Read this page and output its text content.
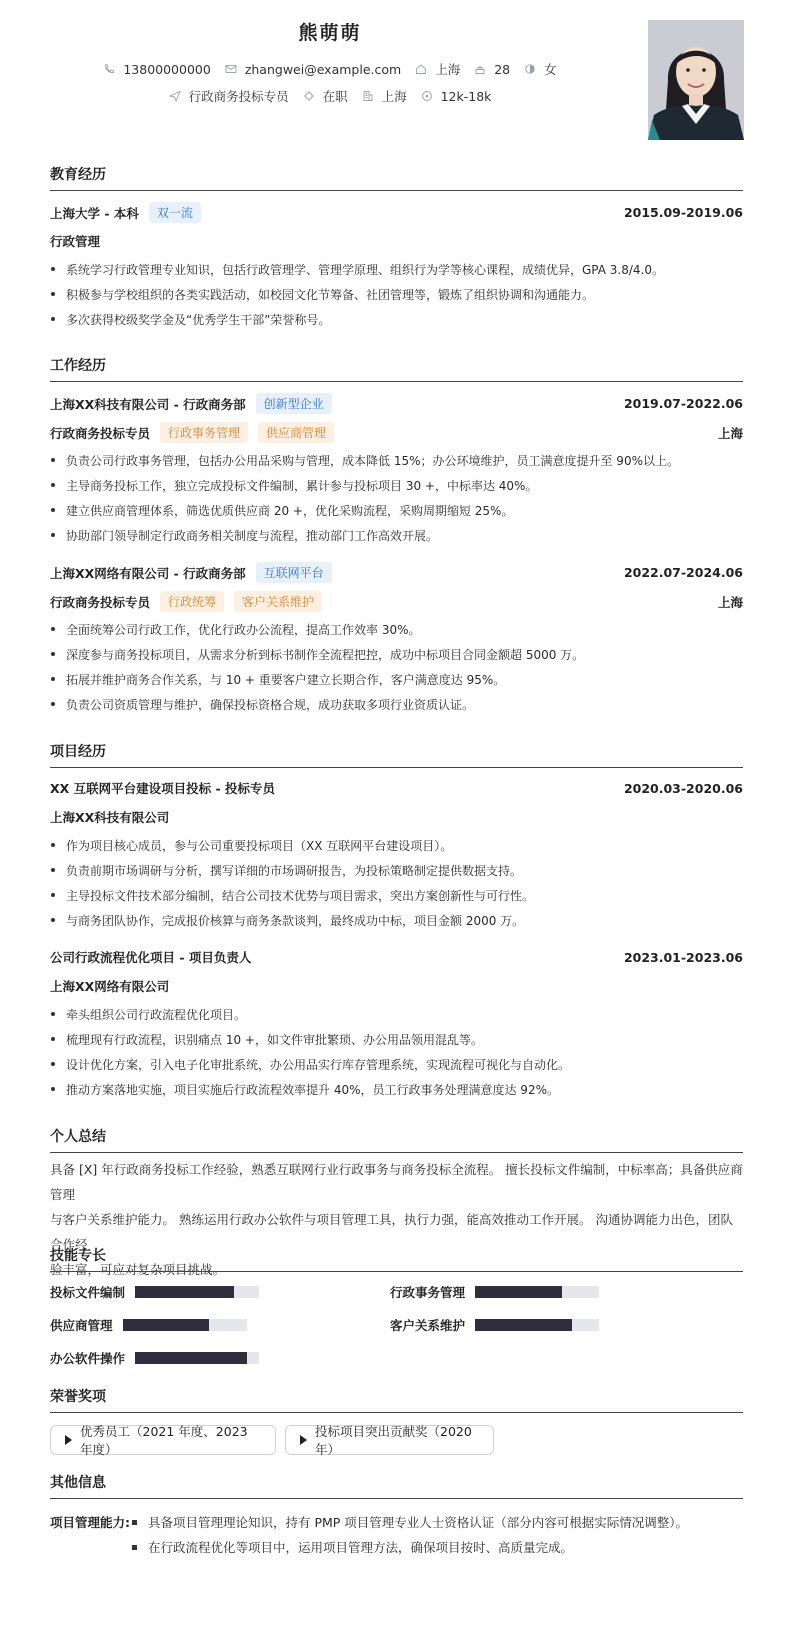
熊萌萌
13800000000	zhangwei@example.com	上海	28	女
行政商务投标专员	在职	上海	12k-18k
教育经历
上海大学 - 本科	双一流	2015.09-2019.06
行政管理
系统学习行政管理专业知识，包括行政管理学、管理学原理、组织行为学等核心课程，成绩优异，GPA 3.8/4.0。
积极参与学校组织的各类实践活动，如校园文化节筹备、社团管理等，锻炼了组织协调和沟通能力。
多次获得校级奖学金及“优秀学生干部”荣誉称号。
工作经历
上海XX科技有限公司 - 行政商务部	创新型企业	2019.07-2022.06
行政商务投标专员	行政事务管理	供应商管理	上海
负责公司行政事务管理，包括办公用品采购与管理，成本降低 15%；办公环境维护，员工满意度提升至 90%以上。
主导商务投标工作，独立完成投标文件编制，累计参与投标项目 30 +，中标率达 40%。
建立供应商管理体系，筛选优质供应商 20 +，优化采购流程，采购周期缩短 25%。
协助部门领导制定行政商务相关制度与流程，推动部门工作高效开展。
上海XX网络有限公司 - 行政商务部	互联网平台	2022.07-2024.06
行政商务投标专员	行政统筹	客户关系维护	上海
全面统筹公司行政工作，优化行政办公流程，提高工作效率 30%。
深度参与商务投标项目，从需求分析到标书制作全流程把控，成功中标项目合同金额超 5000 万。
拓展并维护商务合作关系，与 10 + 重要客户建立长期合作，客户满意度达 95%。
负责公司资质管理与维护，确保投标资格合规，成功获取多项行业资质认证。
项目经历
XX 互联网平台建设项目投标 - 投标专员	2020.03-2020.06
上海XX科技有限公司
作为项目核心成员，参与公司重要投标项目（XX 互联网平台建设项目）。
负责前期市场调研与分析，撰写详细的市场调研报告，为投标策略制定提供数据支持。
主导投标文件技术部分编制，结合公司技术优势与项目需求，突出方案创新性与可行性。
与商务团队协作，完成报价核算与商务条款谈判，最终成功中标，项目金额 2000 万。
公司行政流程优化项目 - 项目负责人	2023.01-2023.06
上海XX网络有限公司
牵头组织公司行政流程优化项目。
梳理现有行政流程，识别痛点 10 +，如文件审批繁琐、办公用品领用混乱等。
设计优化方案，引入电子化审批系统，办公用品实行库存管理系统，实现流程可视化与自动化。
推动方案落地实施，项目实施后行政流程效率提升 40%，员工行政事务处理满意度达 92%。
个人总结
具备 [X] 年行政商务投标工作经验，熟悉互联网行业行政事务与商务投标全流程。 擅长投标文件编制，中标率高；具备供应商管理
与客户关系维护能力。 熟练运用行政办公软件与项目管理工具，执行力强，能高效推动工作开展。 沟通协调能力出色，团队合作经
验丰富，可应对复杂项目挑战。
技能专长
投标文件编制	行政事务管理
供应商管理	客户关系维护
办公软件操作
荣誉奖项
优秀员工（2021 年度、2023 年度）
投标项目突出贡献奖（2020 年）
其他信息
项目管理能力:	具备项目管理理论知识，持有 PMP 项目管理专业人士资格认证（部分内容可根据实际情况调整）。
在行政流程优化等项目中，运用项目管理方法，确保项目按时、高质量完成。
